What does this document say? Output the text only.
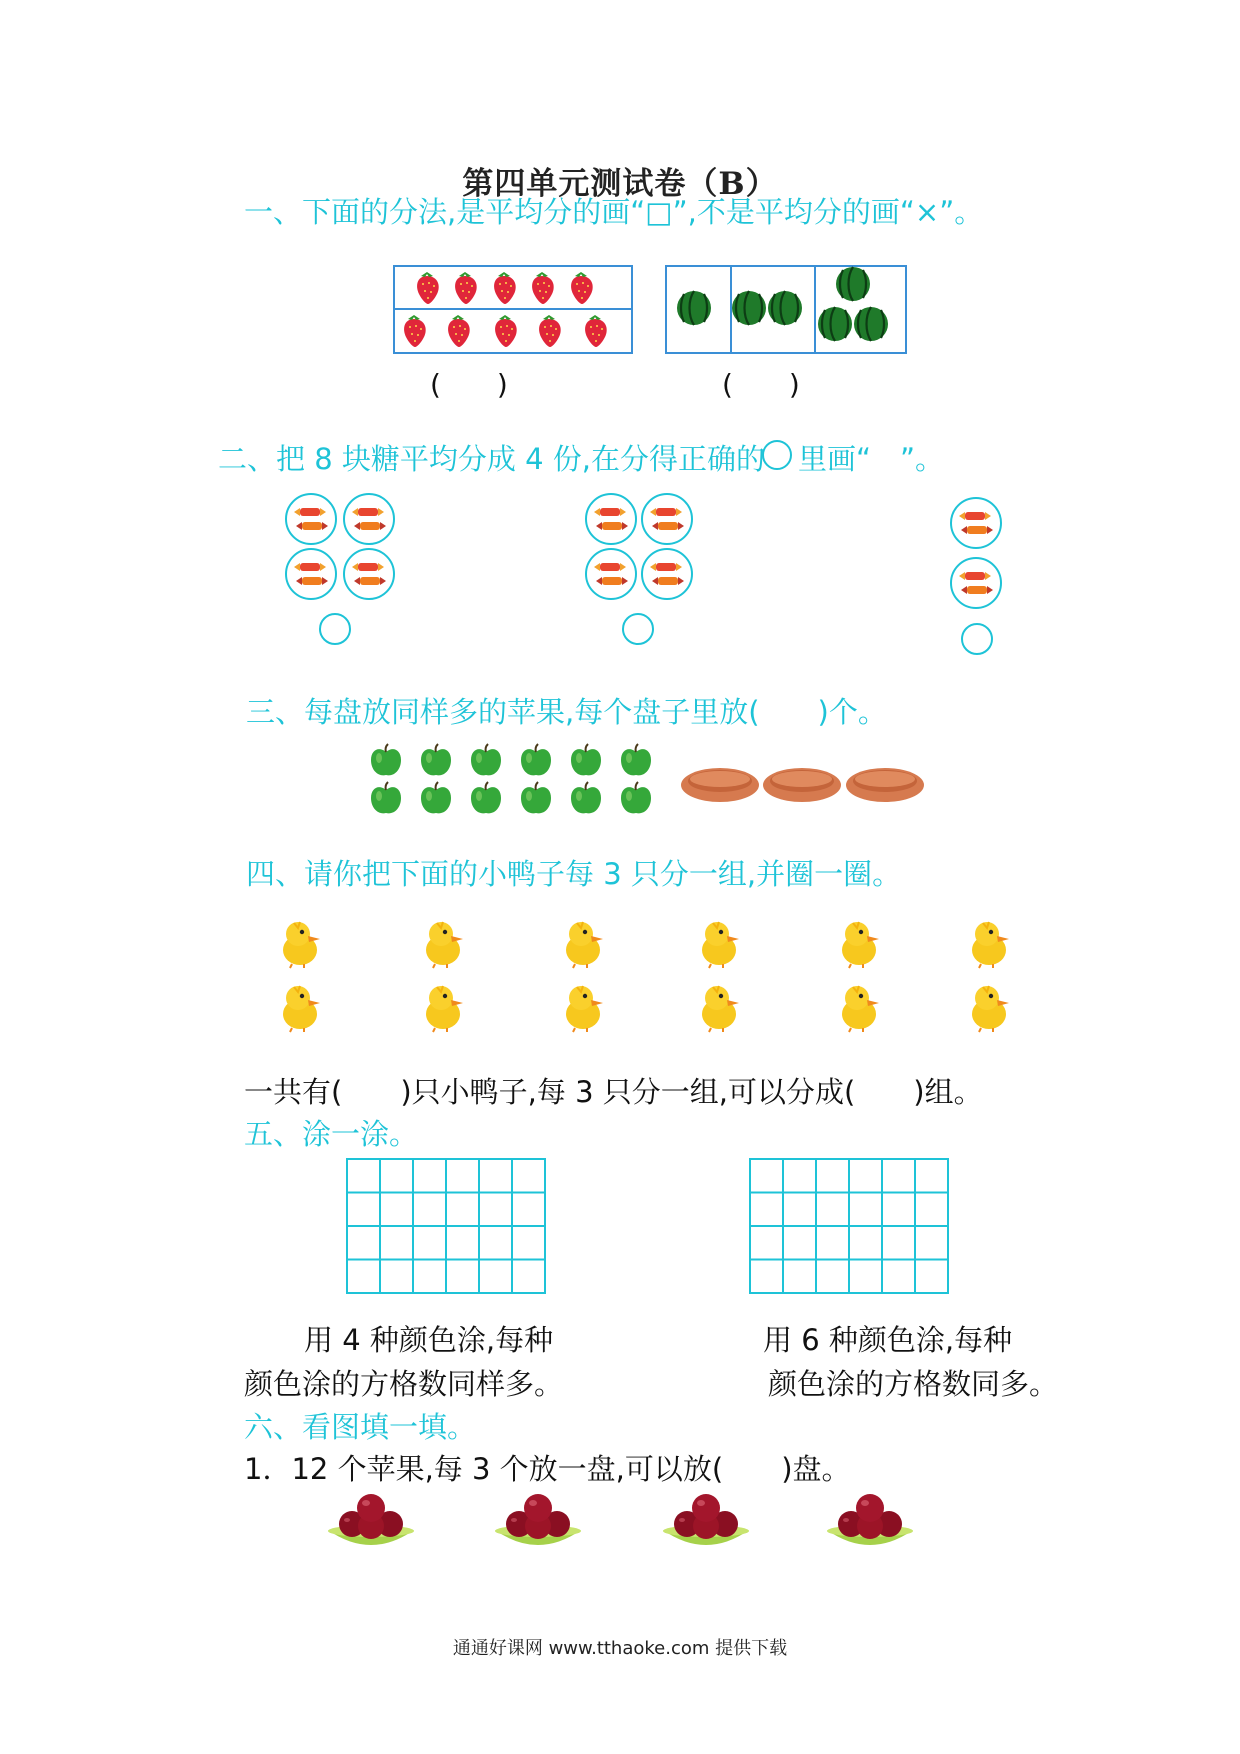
第四单元测试卷（B）
一、下面的分法,是平均分的画“□”,不是平均分的画“×”。
(　　)	(　　)
二、把 8 块糖平均分成 4 份,在分得正确的 里画“　”。
三、每盘放同样多的苹果,每个盘子里放(　　)个。
四、请你把下面的小鸭子每 3 只分一组,并圈一圈。
一共有(　　)只小鸭子,每 3 只分一组,可以分成(　　)组。
五、涂一涂。
用 4 种颜色涂,每种
颜色涂的方格数同样多。
用 6 种颜色涂,每种
颜色涂的方格数同多。
六、看图填一填。
1．12 个苹果,每 3 个放一盘,可以放(　　)盘。
通通好课网 www.tthaoke.com 提供下载
